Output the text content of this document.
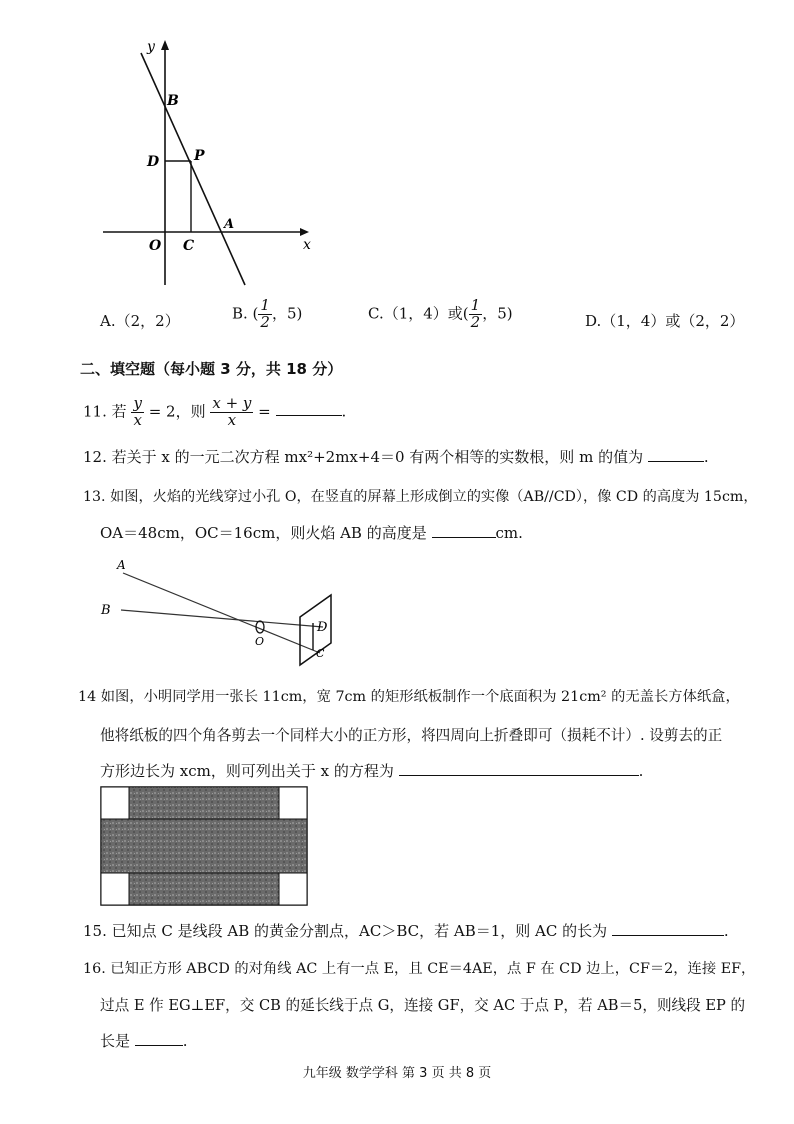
y
x
B
D P
O C
A
A.（2，2）	B. ( $\frac{1}{2}$ ，5)	C.（1，4）或( $\frac{1}{2}$ ，5)	D.（1，4）或（2，2）
二、填空题（每小题 3 分，共 18 分）
11. 若 $\frac{y}{x} = 2$，则 $\frac{x + y}{x}$ =	.
12. 若关于 x 的一元二次方程 mx²+2mx+4＝0 有两个相等的实数根，则 m 的值为	.
13. 如图，火焰的光线穿过小孔 O，在竖直的屏幕上形成倒立的实像（AB//CD），像 CD 的高度为 15cm，
OA＝48cm，OC＝16cm，则火焰 AB 的高度是	cm.
A
B
O
D
C
14 如图，小明同学用一张长 11cm，宽 7cm 的矩形纸板制作一个底面积为 21cm² 的无盖长方体纸盒，
他将纸板的四个角各剪去一个同样大小的正方形，将四周向上折叠即可（损耗不计）. 设剪去的正
方形边长为 xcm，则可列出关于 x 的方程为	.
15. 已知点 C 是线段 AB 的黄金分割点，AC＞BC，若 AB＝1，则 AC 的长为	.
16. 已知正方形 ABCD 的对角线 AC 上有一点 E，且 CE＝4AE，点 F 在 CD 边上，CF＝2，连接 EF，
过点 E 作 EG⊥EF，交 CB 的延长线于点 G，连接 GF，交 AC 于点 P，若 AB＝5，则线段 EP 的
长是	.
九年级 数学学科 第 3 页 共 8 页
